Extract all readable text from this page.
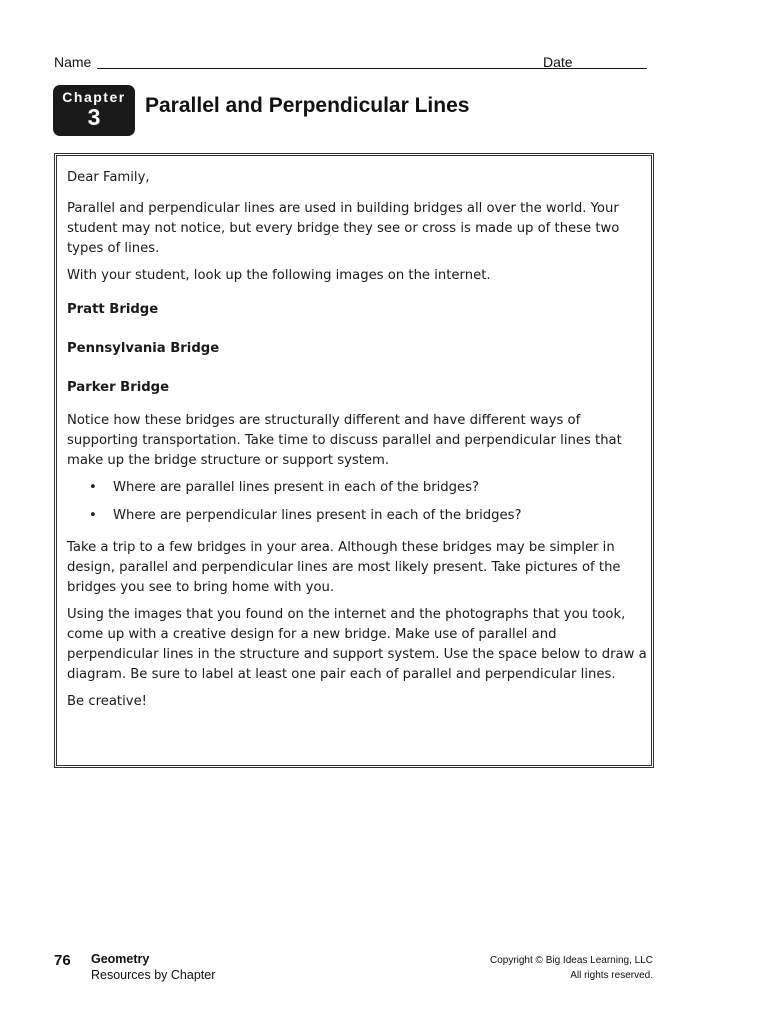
Name	Date
Chapter
3	Parallel and Perpendicular Lines

Dear Family,

Parallel and perpendicular lines are used in building bridges all over the world. Your student may not notice, but every bridge they see or cross is made up of these two types of lines.

With your student, look up the following images on the internet.

Pratt Bridge
Pennsylvania Bridge
Parker Bridge

Notice how these bridges are structurally different and have different ways of supporting transportation. Take time to discuss parallel and perpendicular lines that make up the bridge structure or support system.

• Where are parallel lines present in each of the bridges?
• Where are perpendicular lines present in each of the bridges?

Take a trip to a few bridges in your area. Although these bridges may be simpler in design, parallel and perpendicular lines are most likely present. Take pictures of the bridges you see to bring home with you.

Using the images that you found on the internet and the photographs that you took, come up with a creative design for a new bridge. Make use of parallel and perpendicular lines in the structure and support system. Use the space below to draw a diagram. Be sure to label at least one pair each of parallel and perpendicular lines.

Be creative!

76 Geometry
Resources by Chapter
Copyright © Big Ideas Learning, LLC
All rights reserved.
